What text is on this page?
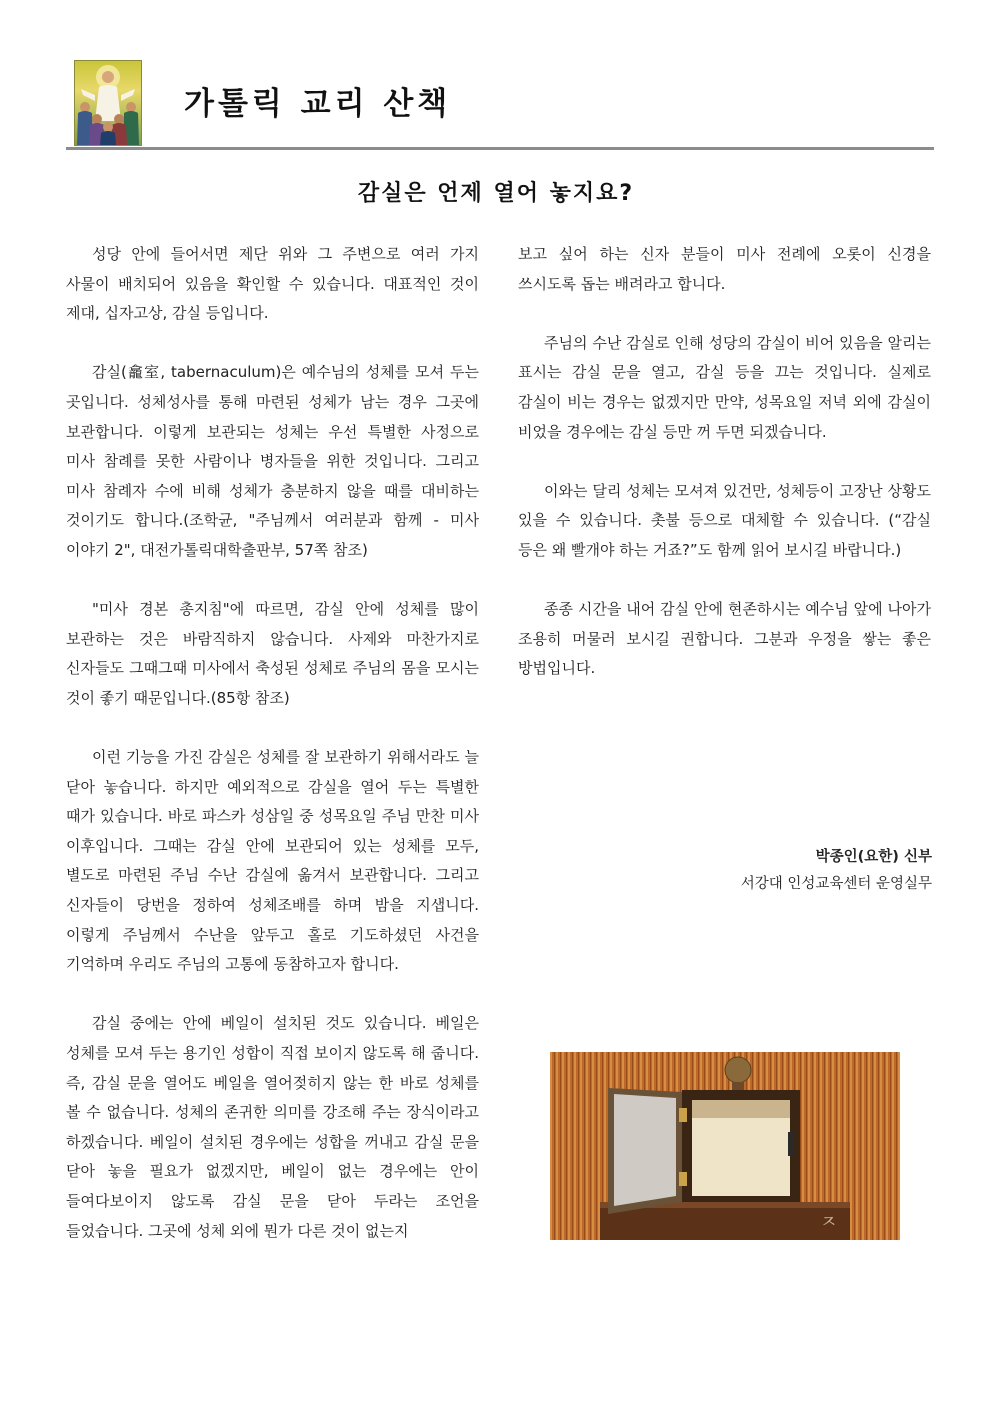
가톨릭 교리 산책
감실은 언제 열어 놓지요?

성당 안에 들어서면 제단 위와 그 주변으로 여러 가지 사물이 배치되어 있음을 확인할 수 있습니다. 대표적인 것이 제대, 십자고상, 감실 등입니다.

감실(龕室, tabernaculum)은 예수님의 성체를 모셔 두는 곳입니다. 성체성사를 통해 마련된 성체가 남는 경우 그곳에 보관합니다. 이렇게 보관되는 성체는 우선 특별한 사정으로 미사 참례를 못한 사람이나 병자들을 위한 것입니다. 그리고 미사 참례자 수에 비해 성체가 충분하지 않을 때를 대비하는 것이기도 합니다.(조학균, "주님께서 여러분과 함께 - 미사 이야기 2", 대전가톨릭대학출판부, 57쪽 참조)

"미사 경본 총지침"에 따르면, 감실 안에 성체를 많이 보관하는 것은 바람직하지 않습니다. 사제와 마찬가지로 신자들도 그때그때 미사에서 축성된 성체로 주님의 몸을 모시는 것이 좋기 때문입니다.(85항 참조)

이런 기능을 가진 감실은 성체를 잘 보관하기 위해서라도 늘 닫아 놓습니다. 하지만 예외적으로 감실을 열어 두는 특별한 때가 있습니다. 바로 파스카 성삼일 중 성목요일 주님 만찬 미사 이후입니다. 그때는 감실 안에 보관되어 있는 성체를 모두, 별도로 마련된 주님 수난 감실에 옮겨서 보관합니다. 그리고 신자들이 당번을 정하여 성체조배를 하며 밤을 지샙니다. 이렇게 주님께서 수난을 앞두고 홀로 기도하셨던 사건을 기억하며 우리도 주님의 고통에 동참하고자 합니다.

감실 중에는 안에 베일이 설치된 것도 있습니다. 베일은 성체를 모셔 두는 용기인 성합이 직접 보이지 않도록 해 줍니다. 즉, 감실 문을 열어도 베일을 열어젖히지 않는 한 바로 성체를 볼 수 없습니다. 성체의 존귀한 의미를 강조해 주는 장식이라고 하겠습니다. 베일이 설치된 경우에는 성합을 꺼내고 감실 문을 닫아 놓을 필요가 없겠지만, 베일이 없는 경우에는 안이 들여다보이지 않도록 감실 문을 닫아 두라는 조언을 들었습니다. 그곳에 성체 외에 뭔가 다른 것이 없는지

보고 싶어 하는 신자 분들이 미사 전례에 오롯이 신경을 쓰시도록 돕는 배려라고 합니다.

주님의 수난 감실로 인해 성당의 감실이 비어 있음을 알리는 표시는 감실 문을 열고, 감실 등을 끄는 것입니다. 실제로 감실이 비는 경우는 없겠지만 만약, 성목요일 저녁 외에 감실이 비었을 경우에는 감실 등만 꺼 두면 되겠습니다.

이와는 달리 성체는 모셔져 있건만, 성체등이 고장난 상황도 있을 수 있습니다. 촛불 등으로 대체할 수 있습니다. (“감실 등은 왜 빨개야 하는 거죠?”도 함께 읽어 보시길 바랍니다.)

종종 시간을 내어 감실 안에 현존하시는 예수님 앞에 나아가 조용히 머물러 보시길 권합니다. 그분과 우정을 쌓는 좋은 방법입니다.

박종인(요한) 신부
서강대 인성교육센터 운영실무
ㅈ
